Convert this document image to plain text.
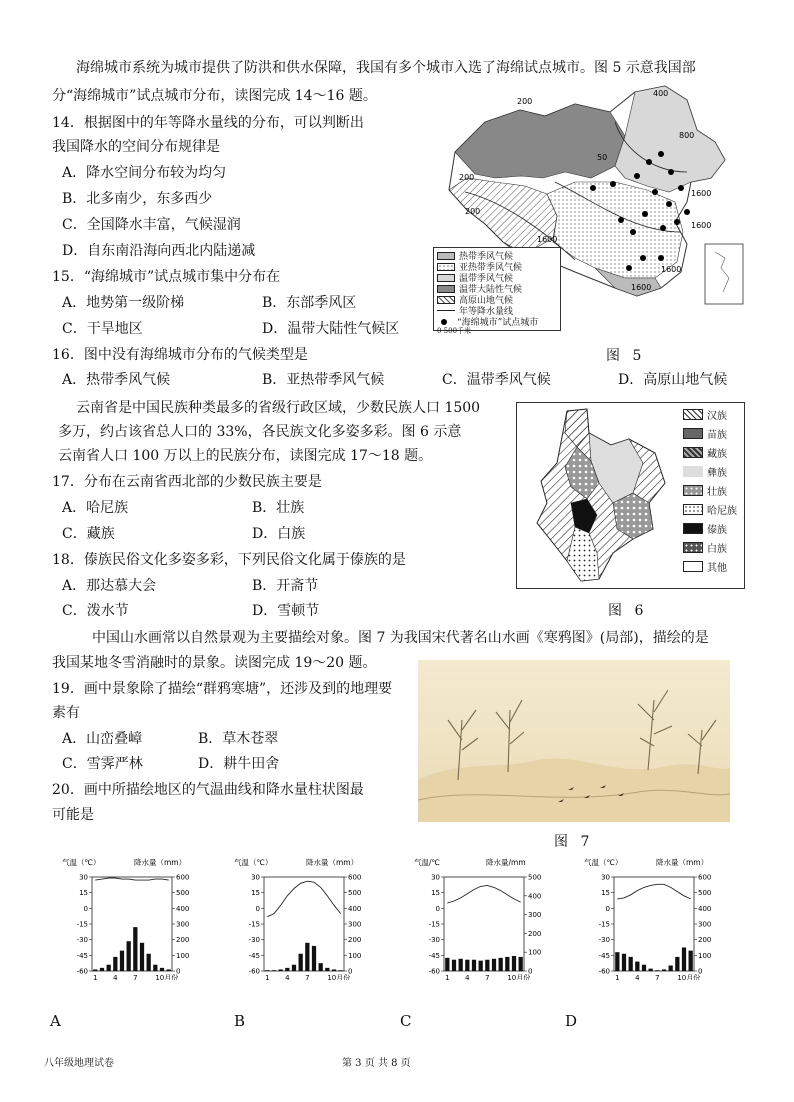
海绵城市系统为城市提供了防洪和供水保障，我国有多个城市入选了海绵试点城市。图 5 示意我国部
分“海绵城市”试点城市分布，读图完成 14～16 题。
14．根据图中的年等降水量线的分布，可以判断出
我国降水的空间分布规律是
A．降水空间分布较为均匀
B．北多南少，东多西少
C．全国降水丰富，气候湿润
D．自东南沿海向西北内陆递减
15．“海绵城市”试点城市集中分布在
A．地势第一级阶梯	B．东部季风区
C．干旱地区	D．温带大陆性气候区
16．图中没有海绵城市分布的气候类型是
A．热带季风气候	B．亚热带季风气候	C．温带季风气候	D．高原山地气候
400
200
800
50
200
1600
1600
1600
1600
1600
200
热带季风气候
亚热带季风气候
温带季风气候
温带大陆性气候
高原山地气候
年等降水量线
“海绵城市”试点城市
0 500千米
图 5
云南省是中国民族种类最多的省级行政区域，少数民族人口 1500
多万，约占该省总人口的 33%，各民族文化多姿多彩。图 6 示意
云南省人口 100 万以上的民族分布，读图完成 17～18 题。
17．分布在云南省西北部的少数民族主要是
A．哈尼族	B．壮族
C．藏族	D．白族
18．傣族民俗文化多姿多彩，下列民俗文化属于傣族的是
A．那达慕大会	B．开斋节
C．泼水节	D．雪顿节
汉族
苗族
藏族
彝族
壮族
哈尼族
傣族
白族
其他
图 6
中国山水画常以自然景观为主要描绘对象。图 7 为我国宋代著名山水画《寒鸦图》(局部)，描绘的是
我国某地冬雪消融时的景象。读图完成 19～20 题。
19．画中景象除了描绘“群鸦寒塘”，还涉及到的地理要
素有
A．山峦叠嶂	B．草木苍翠
C．雪霁严林	D．耕牛田舍
20．画中所描绘地区的气温曲线和降水量柱状图最
可能是
图 7
气温（℃）	降水量（mm）
30
15
0
-15
-30
-45
-60
600
500
400
300
200
100
0
1 4 7	10月份
气温（℃）	降水量（mm）
30
15
0
-15
-30
-45
-60
600
500
400
300
200
100
0
1 4 7	10月份
气温/℃	降水量/mm
30
15
0
-15
-30
-45
-60
500
400
300
200
100
0
1 4 7	10月份
气温（℃）	降水量（mm）
30
15
0
-15
-30
-45
-60
600
500
400
300
200
100
0
1 4 7	10月份
A	B	C	D
八年级地理试卷	第 3 页 共 8 页
